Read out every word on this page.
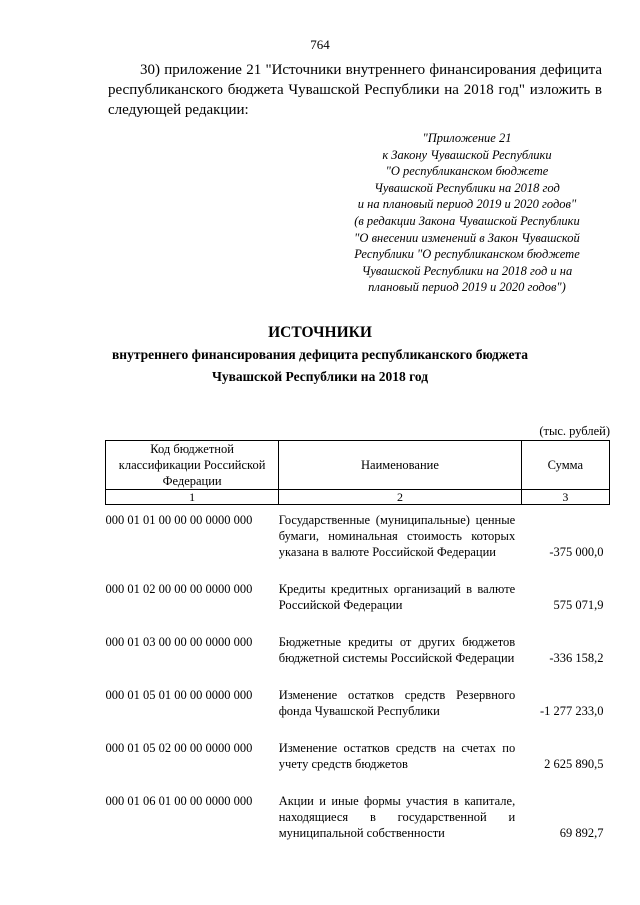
764
30) приложение 21 "Источники внутреннего финансирования дефицита республиканского бюджета Чувашской Республики на 2018 год" изложить в следующей редакции:
"Приложение 21
к Закону Чувашской Республики
"О республиканском бюджете
Чувашской Республики на 2018 год
и на плановый период 2019 и 2020 годов"
(в редакции Закона Чувашской Республики
"О внесении изменений в Закон Чувашской
Республики "О республиканском бюджете
Чувашской Республики на 2018 год и на
плановый период 2019 и 2020 годов")
ИСТОЧНИКИ
внутреннего финансирования дефицита республиканского бюджета
Чувашской Республики на 2018 год
(тыс. рублей)
Код бюджетной классификации Российской Федерации	Наименование	Сумма
1	2	3
000 01 01 00 00 00 0000 000	Государственные (муниципальные) ценные бумаги, номинальная стоимость которых указана в валюте Российской Федерации	-375 000,0
000 01 02 00 00 00 0000 000	Кредиты кредитных организаций в валюте Российской Федерации	575 071,9
000 01 03 00 00 00 0000 000	Бюджетные кредиты от других бюджетов бюджетной системы Российской Федерации	-336 158,2
000 01 05 01 00 00 0000 000	Изменение остатков средств Резервного фонда Чувашской Республики	-1 277 233,0
000 01 05 02 00 00 0000 000	Изменение остатков средств на счетах по учету средств бюджетов	2 625 890,5
000 01 06 01 00 00 0000 000	Акции и иные формы участия в капитале, находящиеся в государственной и муниципальной собственности	69 892,7
